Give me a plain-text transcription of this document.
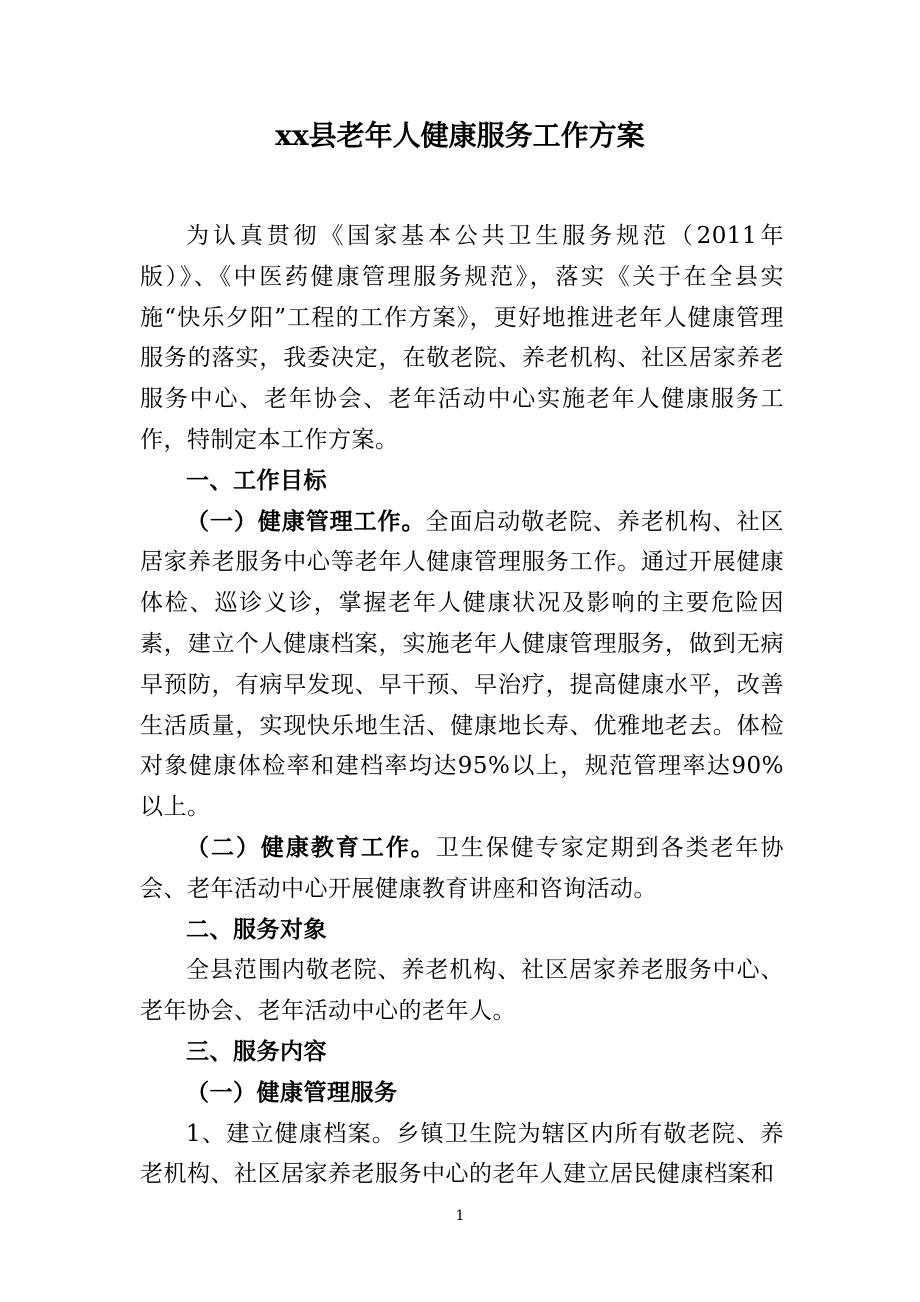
xx县老年人健康服务工作方案

为认真贯彻《国家基本公共卫生服务规范（2011年版）》、《中医药健康管理服务规范》，落实《关于在全县实施“快乐夕阳”工程的工作方案》，更好地推进老年人健康管理服务的落实，我委决定，在敬老院、养老机构、社区居家养老服务中心、老年协会、老年活动中心实施老年人健康服务工作，特制定本工作方案。

一、工作目标

（一）健康管理工作。全面启动敬老院、养老机构、社区居家养老服务中心等老年人健康管理服务工作。通过开展健康体检、巡诊义诊，掌握老年人健康状况及影响的主要危险因素，建立个人健康档案，实施老年人健康管理服务，做到无病早预防，有病早发现、早干预、早治疗，提高健康水平，改善生活质量，实现快乐地生活、健康地长寿、优雅地老去。体检对象健康体检率和建档率均达95%以上，规范管理率达90%以上。

（二）健康教育工作。卫生保健专家定期到各类老年协会、老年活动中心开展健康教育讲座和咨询活动。

二、服务对象

全县范围内敬老院、养老机构、社区居家养老服务中心、老年协会、老年活动中心的老年人。

三、服务内容

（一）健康管理服务

1、建立健康档案。乡镇卫生院为辖区内所有敬老院、养老机构、社区居家养老服务中心的老年人建立居民健康档案和

1
